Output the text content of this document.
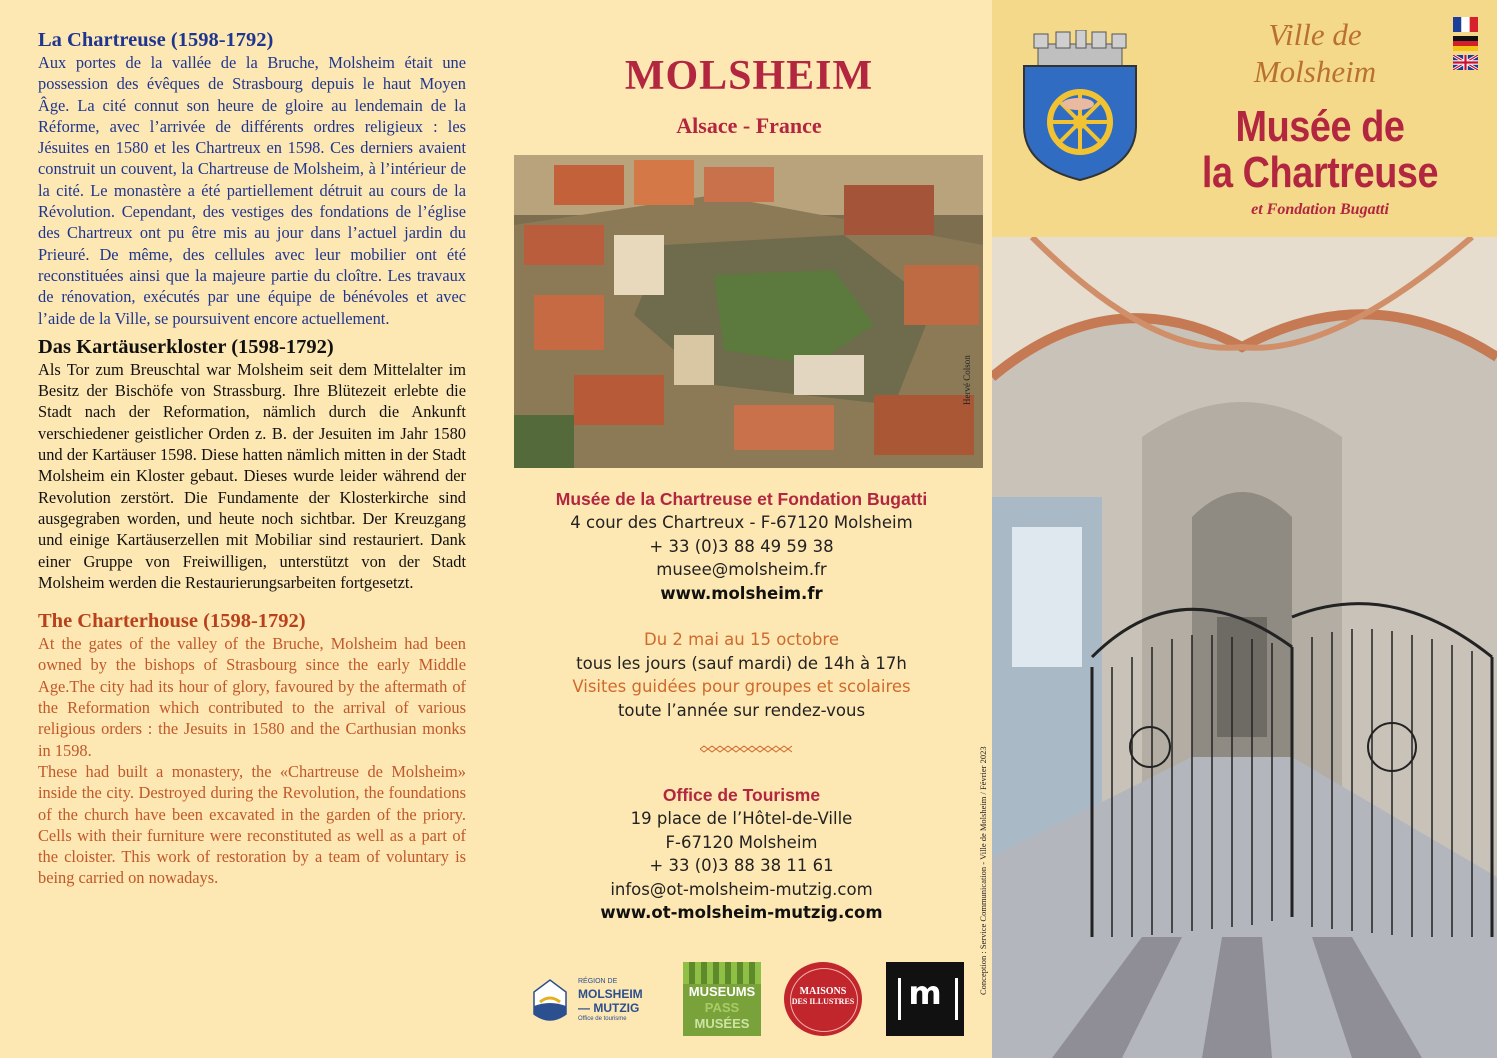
La Chartreuse (1598-1792)

Aux portes de la vallée de la Bruche, Molsheim était une possession des évêques de Strasbourg depuis le haut Moyen Âge. La cité connut son heure de gloire au lendemain de la Réforme, avec l’arrivée de différents ordres religieux : les Jésuites en 1580 et les Chartreux en 1598. Ces derniers avaient construit un couvent, la Chartreuse de Molsheim, à l’intérieur de la cité. Le monastère a été partiellement détruit au cours de la Révolution. Cependant, des vestiges des fondations de l’église des Chartreux ont pu être mis au jour dans l’actuel jardin du Prieuré. De même, des cellules avec leur mobilier ont été reconstituées ainsi que la majeure partie du cloître. Les travaux de rénovation, exécutés par une équipe de bénévoles et avec l’aide de la Ville, se poursuivent encore actuellement.

Das Kartäuserkloster (1598-1792)

Als Tor zum Breuschtal war Molsheim seit dem Mittelalter im Besitz der Bischöfe von Strassburg. Ihre Blütezeit erlebte die Stadt nach der Reformation, nämlich durch die Ankunft verschiedener geistlicher Orden z. B. der Jesuiten im Jahr 1580 und der Kartäuser 1598. Diese hatten nämlich mitten in der Stadt Molsheim ein Kloster gebaut. Dieses wurde leider während der Revolution zerstört. Die Fundamente der Klosterkirche sind ausgegraben worden, und heute noch sichtbar. Der Kreuzgang und einige Kartäuserzellen mit Mobiliar sind restauriert. Dank einer Gruppe von Freiwilligen, unterstützt von der Stadt Molsheim werden die Restaurierungsarbeiten fortgesetzt.

The Charterhouse (1598-1792)

At the gates of the valley of the Bruche, Molsheim had been owned by the bishops of Strasbourg since the early Middle Age.The city had its hour of glory, favoured by the aftermath of the Reformation which contributed to the arrival of various religious orders : the Jesuits in 1580 and the Carthusian monks in 1598.

These had built a monastery, the «Chartreuse de Molsheim» inside the city. Destroyed during the Revolution, the foundations of the church have been excavated in the garden of the priory. Cells with their furniture were reconstituted as well as a part of the cloister. This work of restoration by a team of voluntary is being carried on nowadays.

MOLSHEIM
Alsace - France
Hervé Colson
Musée de la Chartreuse et Fondation Bugatti
4 cour des Chartreux - F-67120 Molsheim
+ 33 (0)3 88 49 59 38
musee@molsheim.fr
www.molsheim.fr
Du 2 mai au 15 octobre
tous les jours (sauf mardi) de 14h à 17h
Visites guidées pour groupes et scolaires
toute l’année sur rendez-vous
Office de Tourisme
19 place de l’Hôtel-de-Ville
F-67120 Molsheim
+ 33 (0)3 88 38 11 61
infos@ot-molsheim-mutzig.com
www.ot-molsheim-mutzig.com	Conception : Service Communication - Ville de Molsheim / Février 2023
RÉGION DE
MOLSHEIM
— MUTZIG
Office de tourisme
MUSEUMS
PASS
MUSÉES
MAISONS
DES ILLUSTRES	m
Ville de Molsheim
Musée de
la Chartreuse
et Fondation Bugatti
